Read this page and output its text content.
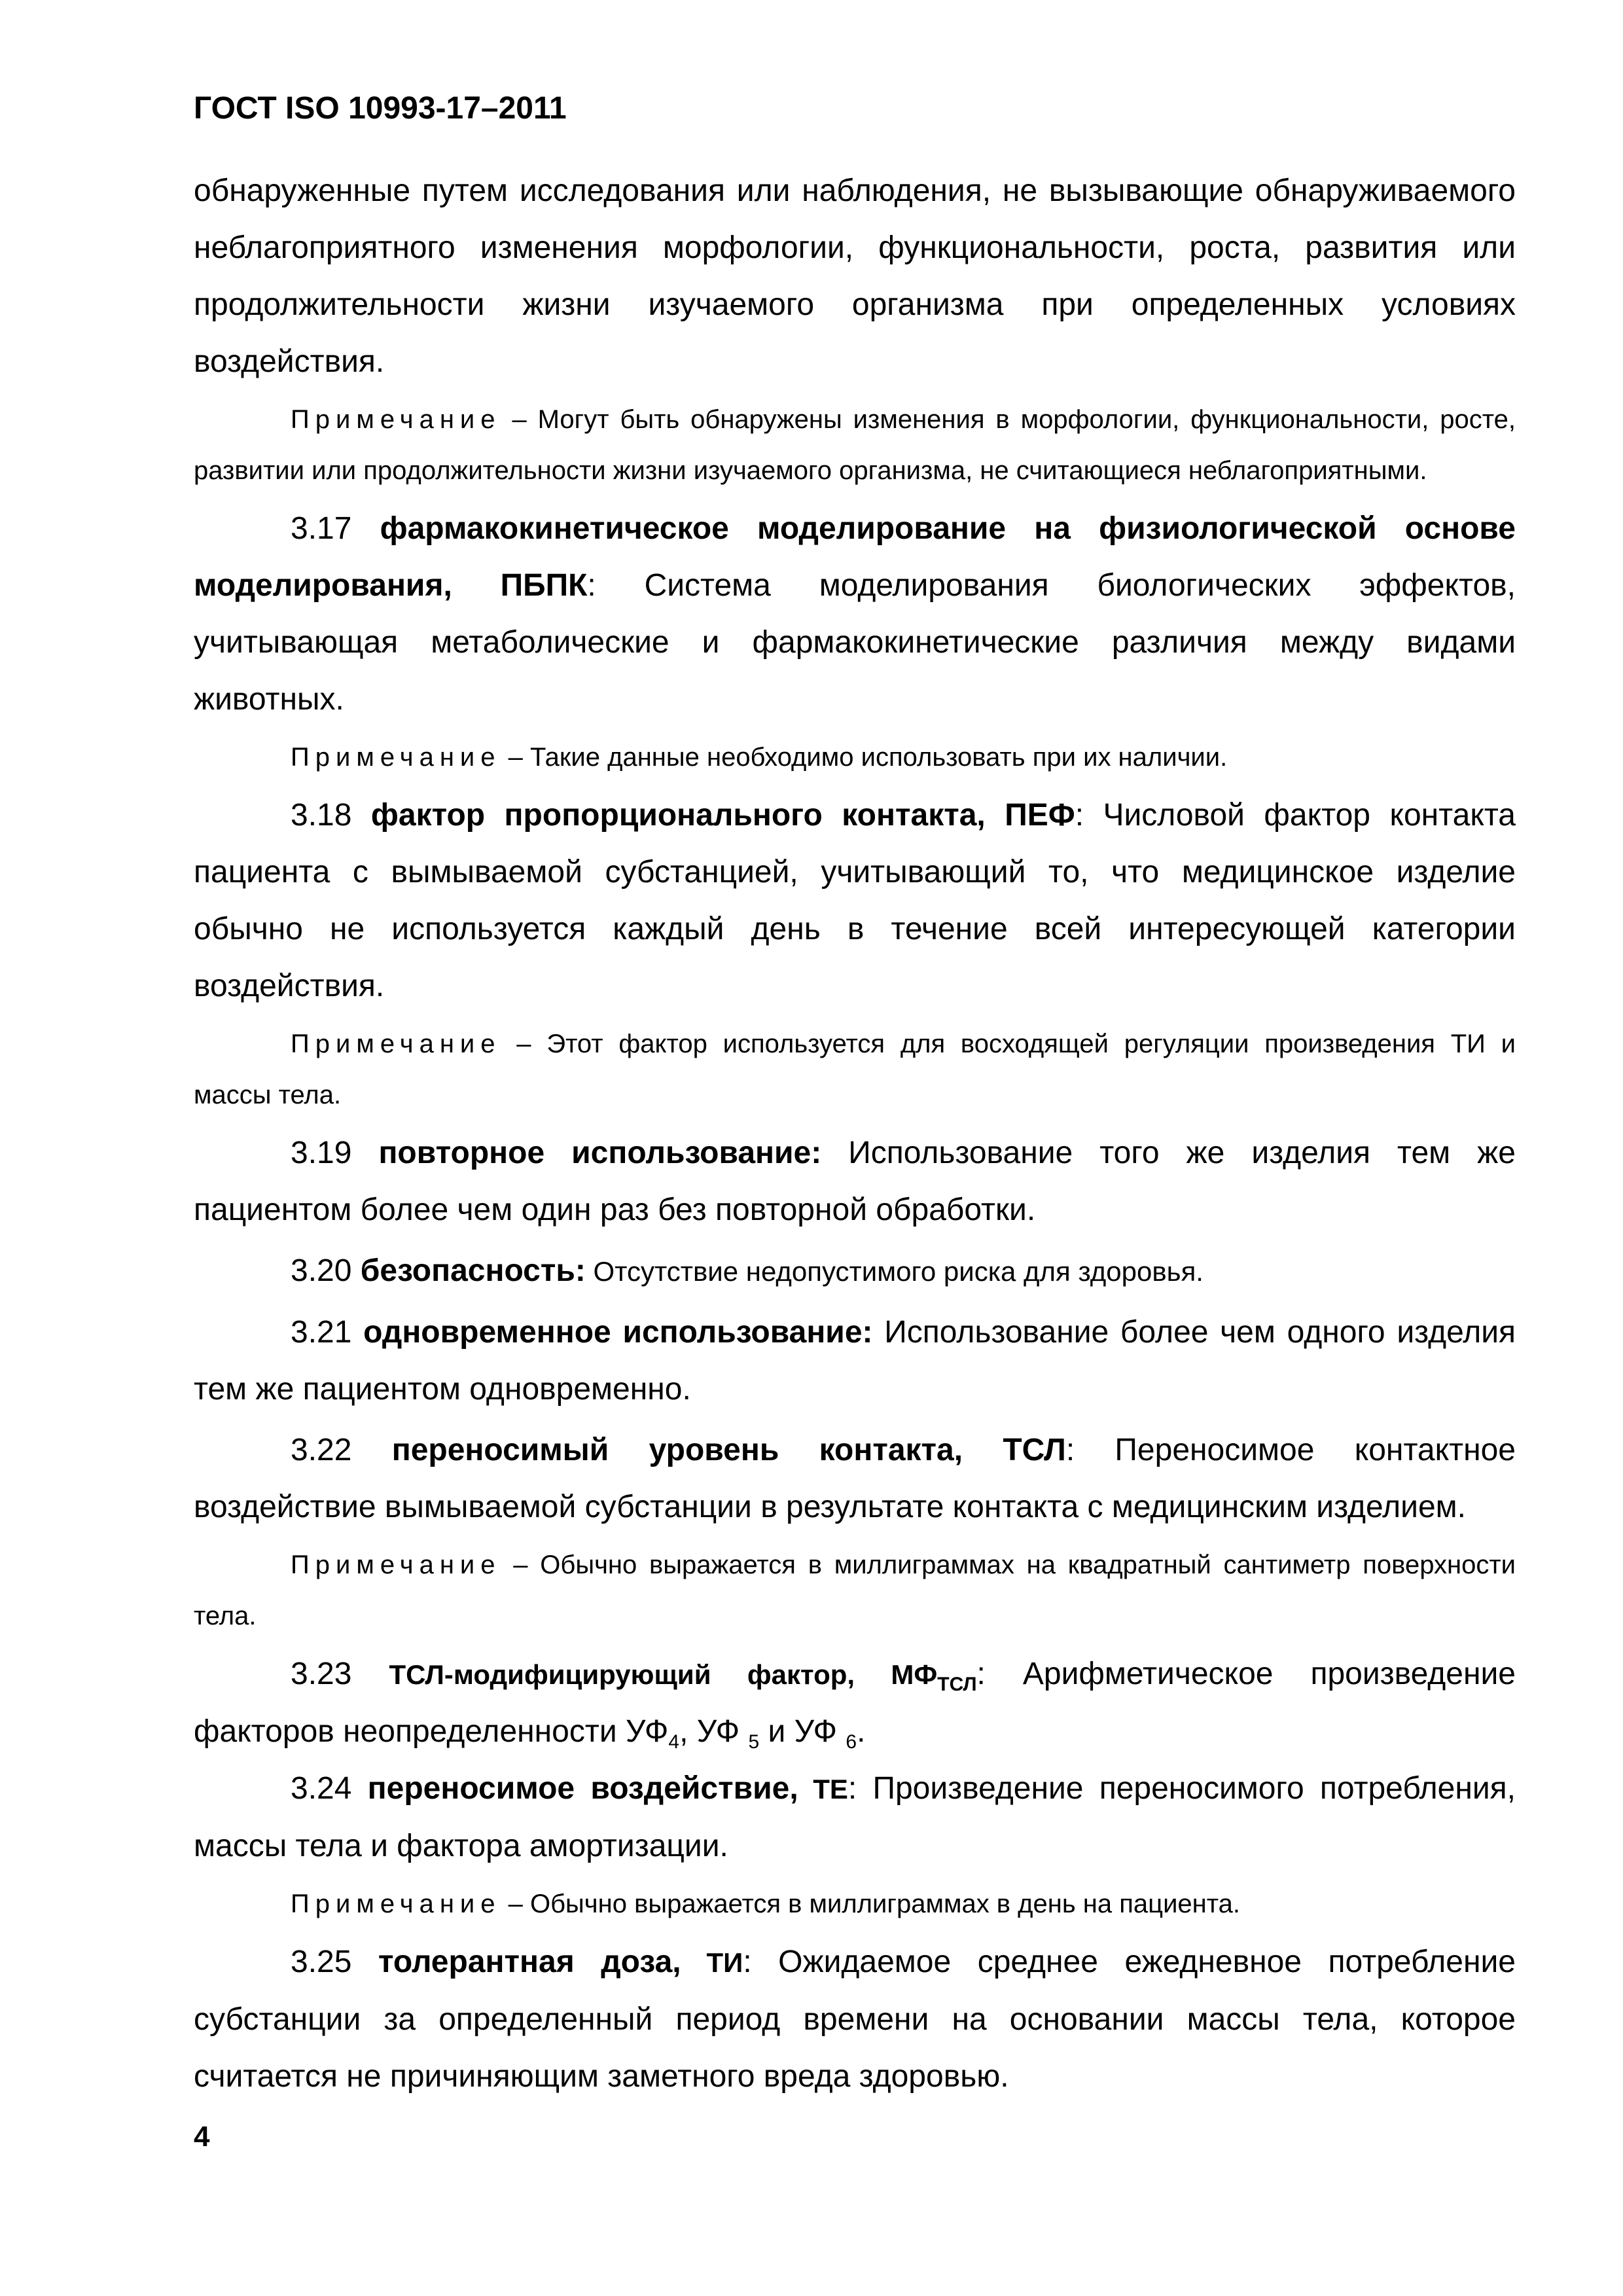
ГОСТ ISO 10993-17–2011

обнаруженные путем исследования или наблюдения, не вызывающие обнаруживаемого неблагоприятного изменения морфологии, функциональности, роста, развития или продолжительности жизни изучаемого организма при определенных условиях воздействия.

Примечание – Могут быть обнаружены изменения в морфологии, функциональности, росте, развитии или продолжительности жизни изучаемого организма, не считающиеся неблагоприятными.

3.17 фармакокинетическое моделирование на физиологической основе моделирования, ПБПК: Система моделирования биологических эффектов, учитывающая метаболические и фармакокинетические различия между видами животных.

Примечание – Такие данные необходимо использовать при их наличии.

3.18 фактор пропорционального контакта, ПЕФ: Числовой фактор контакта пациента с вымываемой субстанцией, учитывающий то, что медицинское изделие обычно не используется каждый день в течение всей интересующей категории воздействия.

Примечание – Этот фактор используется для восходящей регуляции произведения ТИ и массы тела.

3.19 повторное использование: Использование того же изделия тем же пациентом более чем один раз без повторной обработки.

3.20 безопасность: Отсутствие недопустимого риска для здоровья.

3.21 одновременное использование: Использование более чем одного изделия тем же пациентом одновременно.

3.22 переносимый уровень контакта, ТСЛ: Переносимое контактное воздействие вымываемой субстанции в результате контакта с медицинским изделием.

Примечание – Обычно выражается в миллиграммах на квадратный сантиметр поверхности тела.

3.23 ТСЛ-модифицирующий фактор, $МФ_{ТСЛ}$: Арифметическое произведение факторов неопределенности $УФ_4$, УФ $_5$ и УФ $_6$.

3.24 переносимое воздействие, ТЕ: Произведение переносимого потребления, массы тела и фактора амортизации.

Примечание – Обычно выражается в миллиграммах в день на пациента.

3.25 толерантная доза, ТИ: Ожидаемое среднее ежедневное потребление субстанции за определенный период времени на основании массы тела, которое считается не причиняющим заметного вреда здоровью.

4
